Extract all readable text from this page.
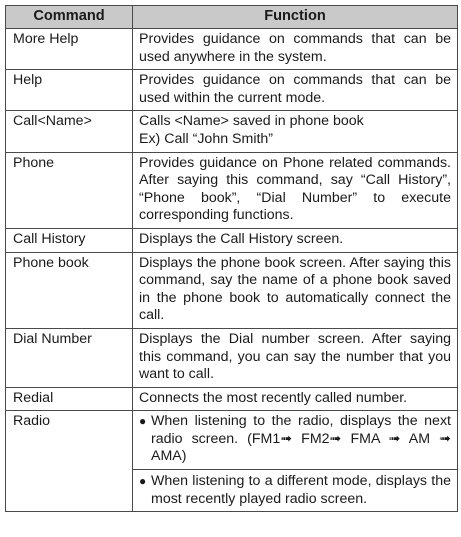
Command	Function
More Help	Provides guidance on commands that can be used anywhere in the system.
Help	Provides guidance on commands that can be used within the current mode.
Call<Name>	Calls <Name> saved in phone book
Ex) Call “John Smith”

Phone	Provides guidance on Phone related commands. After saying this command, say “Call History”, “Phone book”, “Dial Number” to execute corresponding functions.
Call History	Displays the Call History screen.
Phone book	Displays the phone book screen. After saying this command, say the name of a phone book saved in the phone book to automatically connect the call.
Dial Number	Displays the Dial number screen. After saying this command, you can say the number that you want to call.
Redial	Connects the most recently called number.
Radio	● When listening to the radio, displays the next radio screen. (FM1➟ FM2➟ FMA ➟ AM ➟ AMA)
● When listening to a different mode, displays the most recently played radio screen.
